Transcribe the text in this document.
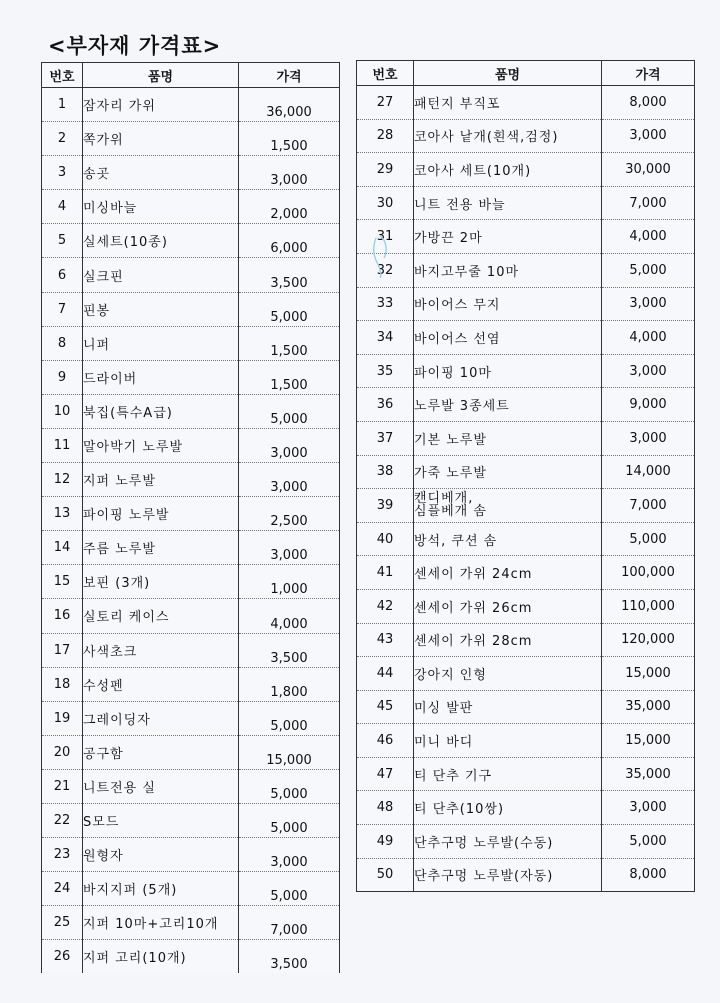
<부자재 가격표>
번호	품명	가격
1	잠자리 가위	36,000
2	쪽가위	1,500
3	송곳	3,000
4	미싱바늘	2,000
5	실세트(10종)	6,000
6	실크핀	3,500
7	핀봉	5,000
8	니퍼	1,500
9	드라이버	1,500
10	북집(특수A급)	5,000
11	말아박기 노루발	3,000
12	지퍼 노루발	3,000
13	파이핑 노루발	2,500
14	주름 노루발	3,000
15	보핀 (3개)	1,000
16	실토리 케이스	4,000
17	사색초크	3,500
18	수성펜	1,800
19	그레이딩자	5,000
20	공구함	15,000
21	니트전용 실	5,000
22	S모드	5,000
23	원형자	3,000
24	바지지퍼 (5개)	5,000
25	지퍼 10마+고리10개	7,000
26	지퍼 고리(10개)	3,500
번호	품명	가격
27	패턴지 부직포	8,000
28	코아사 낱개(흰색,검정)	3,000
29	코아사 세트(10개)	30,000
30	니트 전용 바늘	7,000
31	가방끈 2마	4,000
32	바지고무줄 10마	5,000
33	바이어스 무지	3,000
34	바이어스 선염	4,000
35	파이핑 10마	3,000
36	노루발 3종세트	9,000
37	기본 노루발	3,000
38	가죽 노루발	14,000
39	캔디베개,
심플베개 솜	7,000
40	방석, 쿠션 솜	5,000
41	센세이 가위 24cm	100,000
42	센세이 가위 26cm	110,000
43	센세이 가위 28cm	120,000
44	강아지 인형	15,000
45	미싱 발판	35,000
46	미니 바디	15,000
47	티 단추 기구	35,000
48	티 단추(10쌍)	3,000
49	단추구멍 노루발(수동)	5,000
50	단추구멍 노루발(자동)	8,000
